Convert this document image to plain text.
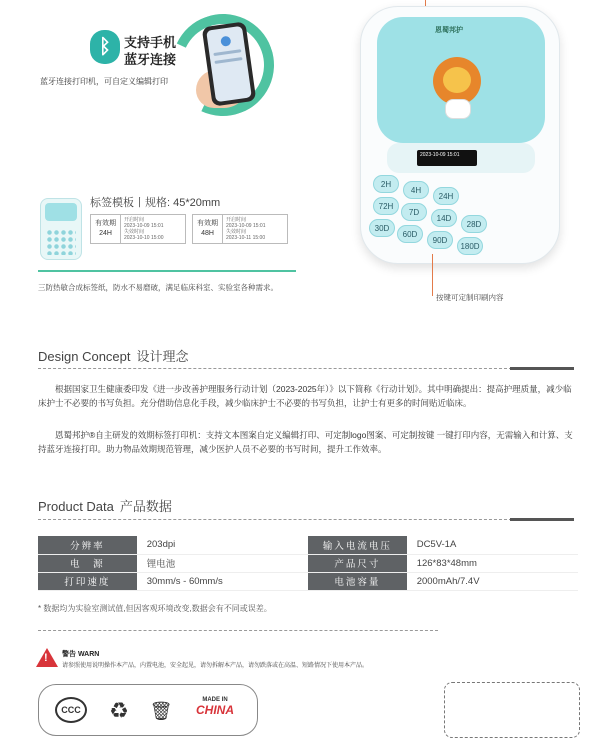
ᛒ	支持手机
蓝牙连接
蓝牙连接打印机，可自定义编辑打印
标签模板丨规格: 45*20mm
有效期
24H
开启时间
2023-10-09 15:01
失效时间
2023-10-10 15:00
有效期
48H
开启时间
2023-10-09 15:01
失效时间
2023-10-11 15:00
三防热敏合成标签纸，防水不易磨破，满足临床科室、实验室各种需求。
恩蜀邦护
2023-10-09 15:01
2H
4H
24H
72H
7D
14D
28D
30D
60D
90D
180D
按键可定制印刷内容
Design Concept 设计理念
根据国家卫生健康委印发《进一步改善护理服务行动计划（2023-2025年）》以下简称《行动计划》。其中明确提出：提高护理质量，减少临床护士不必要的书写负担。充分借助信息化手段，减少临床护士不必要的书写负担，让护士有更多的时间贴近临床。
恩蜀邦护®自主研发的效期标签打印机：支持文本图案自定义编辑打印、可定制logo图案、可定制按键 一键打印内容，无需输入和计算、支持蓝牙连接打印。助力物品效期规范管理，减少医护人员不必要的书写时间，提升工作效率。
Product Data 产品数据
分辨率	203dpi	输入电流电压	DC5V-1A
电　源	锂电池	产品尺寸	126*83*48mm
打印速度	30mm/s - 60mm/s	电池容量	2000mAh/7.4V
* 数据均为实验室测试值,但因客观环境改变,数据会有不同或误差。
! 警告 WARN
请参照使用说明操作本产品，内置电池，安全起见，请勿拆解本产品，请勿跌落或在高温、短路情况下使用本产品。
CCC ♻ 🗑
MADE IN
CHINA
